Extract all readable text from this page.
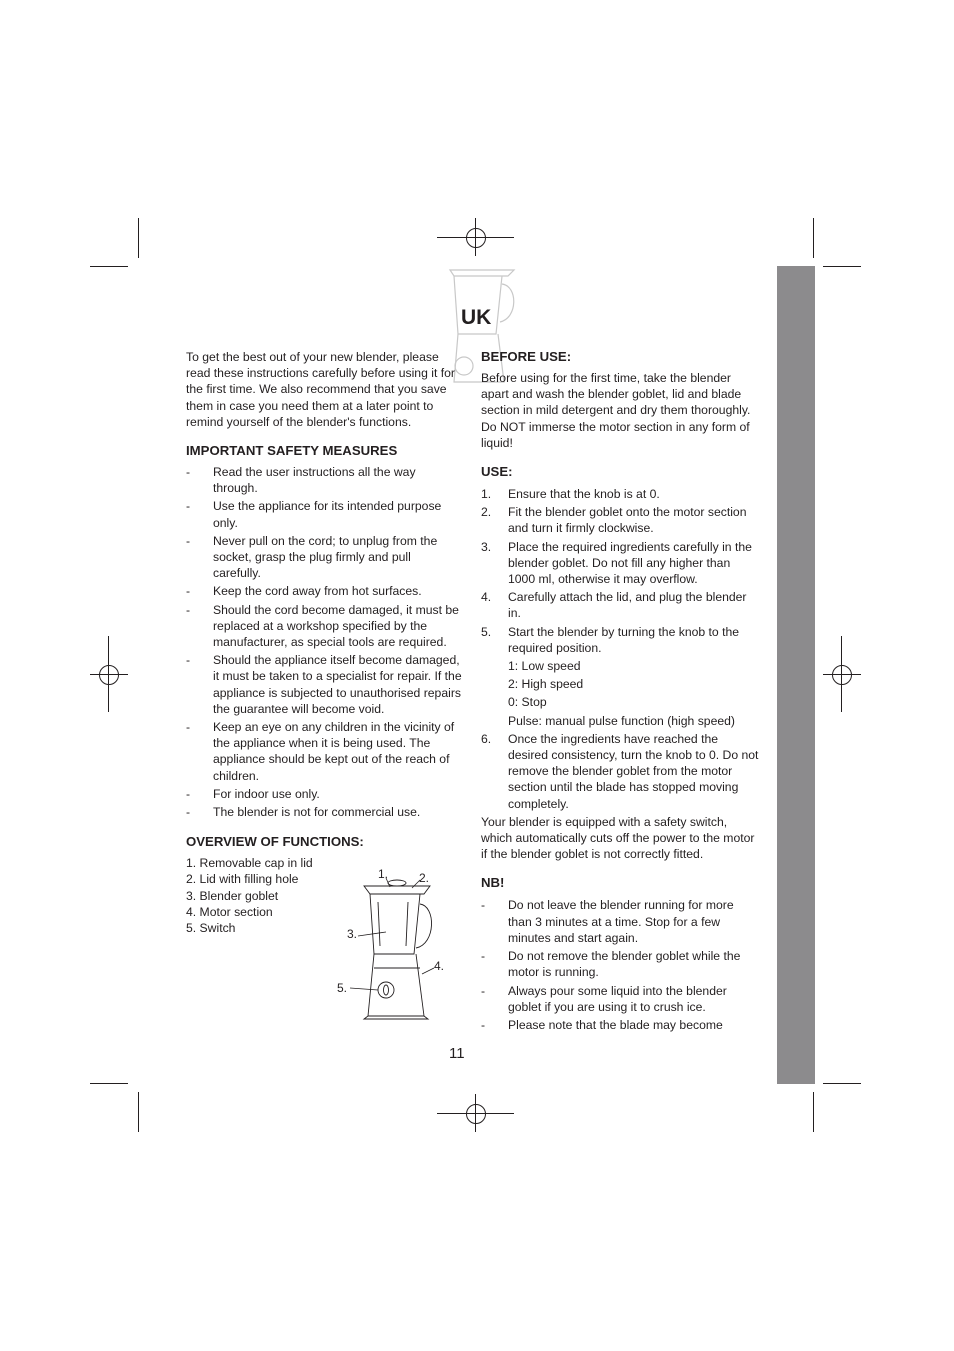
UK

To get the best out of your new blender, please read these instructions carefully before using it for the first time. We also recommend that you save them in case you need them at a later point to remind yourself of the blender's functions.

IMPORTANT SAFETY MEASURES
- Read the user instructions all the way through.
- Use the appliance for its intended purpose only.
- Never pull on the cord; to unplug from the socket, grasp the plug firmly and pull carefully.
- Keep the cord away from hot surfaces.
- Should the cord become damaged, it must be replaced at a workshop specified by the manufacturer, as special tools are required.
- Should the appliance itself become damaged, it must be taken to a specialist for repair. If the appliance is subjected to unauthorised repairs the guarantee will become void.
- Keep an eye on any children in the vicinity of the appliance when it is being used. The appliance should be kept out of the reach of children.
- For indoor use only.
- The blender is not for commercial use.
OVERVIEW OF FUNCTIONS:
1. Removable cap in lid
2. Lid with filling hole
3. Blender goblet
4. Motor section
5. Switch
1.	2.
3.
4.
5.
BEFORE USE:

Before using for the first time, take the blender apart and wash the blender goblet, lid and blade section in mild detergent and dry them thoroughly. Do NOT immerse the motor section in any form of liquid!

USE:
1. Ensure that the knob is at 0.
2. Fit the blender goblet onto the motor section and turn it firmly clockwise.
3. Place the required ingredients carefully in the blender goblet. Do not fill any higher than 1000 ml, otherwise it may overflow.
4. Carefully attach the lid, and plug the blender in.
5. Start the blender by turning the knob to the required position.
1: Low speed
2: High speed
0: Stop
Pulse: manual pulse function (high speed)
6. Once the ingredients have reached the desired consistency, turn the knob to 0. Do not remove the blender goblet from the motor section until the blade has stopped moving completely.

Your blender is equipped with a safety switch, which automatically cuts off the power to the motor if the blender goblet is not correctly fitted.

NB!
- Do not leave the blender running for more than 3 minutes at a time. Stop for a few minutes and start again.
- Do not remove the blender goblet while the motor is running.
- Always pour some liquid into the blender goblet if you are using it to crush ice.
- Please note that the blade may become
11
